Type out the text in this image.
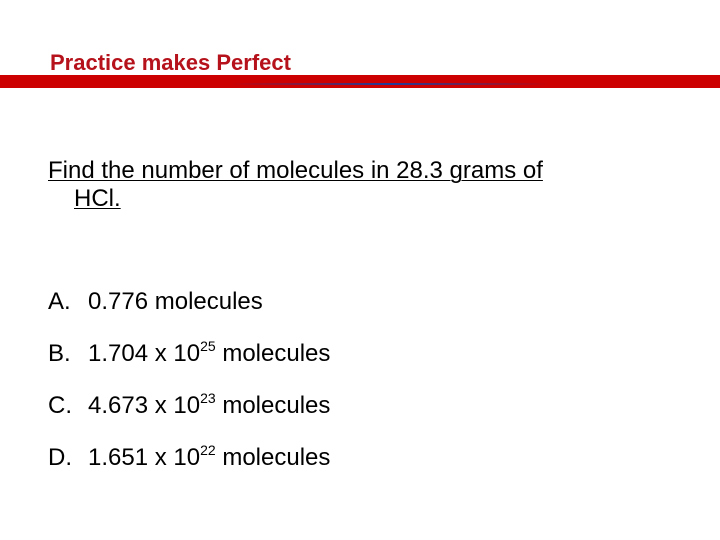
Practice makes Perfect
Find the number of molecules in 28.3 grams of
HCl.
A. 0.776 molecules
B. 1.704 x $10^{25}$ molecules
C. 4.673 x $10^{23}$ molecules
D. 1.651 x $10^{22}$ molecules
